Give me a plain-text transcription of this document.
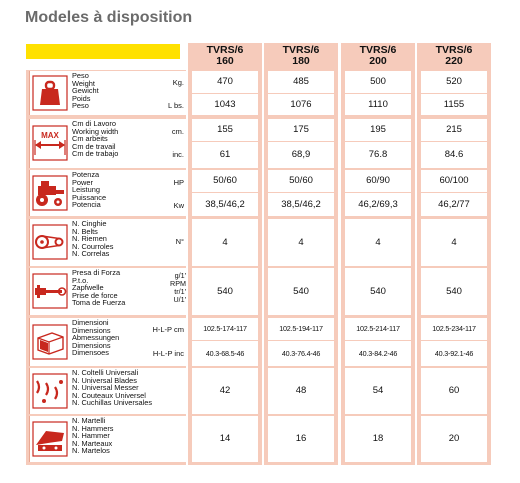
Modeles à disposition
TVRS/6
160
TVRS/6
180
TVRS/6
200
TVRS/6
220
Peso
Weight
Gewicht
Poids
Peso
Kg.
L bs.
470	485	500	520
1043	1076	1110	1155
MAX
Cm di Lavoro
Working width
Cm arbeits
Cm de travail
Cm de trabajo
cm.
inc.
155	175	195	215
61	68,9	76.8	84.6
Potenza
Power
Leistung
Puissance
Potencia
HP
Kw
50/60	50/60	60/90	60/100
38,5/46,2	38,5/46,2	46,2/69,3	46,2/77
N. Cinghie
N. Belts
N. Riemen
N. Courroles
N. Correlas
N°	4	4	4	4
Presa di Forza
P.t.o.
Zapfwelle
Prise de force
Toma de Fuerza
g/1'
RPM
tr/1'
U/1'
540	540	540	540
Dimensioni
Dimensions
Abmessungen
Dimensions
Dimensoes
H-L-P cm
H-L-P inc
102.5-174-117	102.5-194-117	102.5-214-117	102.5-234-117
40.3-68.5-46	40.3-76.4-46	40.3-84.2-46	40.3-92.1-46
N. Coltelli Universali
N. Universal Blades
N. Universal Messer
N. Couteaux Universel
N. Cuchillas Universales
42	48	54	60
N. Martelli
N. Hammers
N. Hammer
N. Marteaux
N. Martelos
14	16	18	20
